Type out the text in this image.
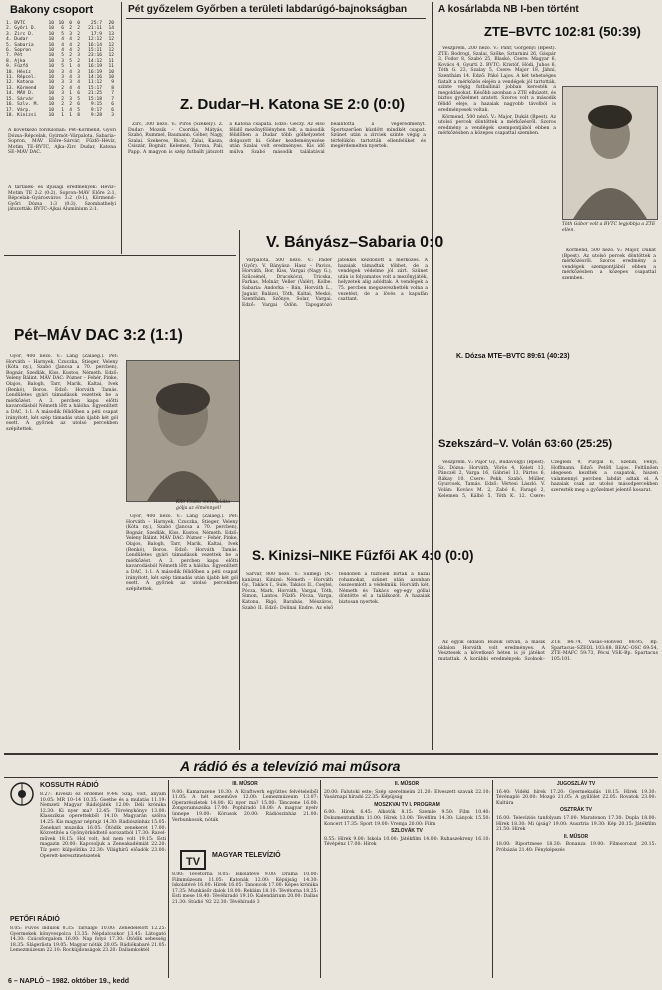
Bakony csoport
1. BVTC	10 10	0	0	25:7	20
2. Győri D.	10	6	2	2	21:11	14
3. Zirc D.	10	5	3	2	17:9	13
4. Dudar	10	4	4	2	12:12	12
5. Sabaria	10	4	4	2	16:14	12
6. Sopron	10	4	4	2	15:11	12
7. Pét	10	5	2	3	23:16	12
8. Ajka	10	3	5	2	14:12	11
9. Fűzfő	10	5	1	4	16:19	11
10. Hévíz	10	3	4	3	16:19	10
11. Répcel.	10	3	4	3	14:16	10
12. Katona	10	3	3	4	11:12	9
13. Körmend	10	2	4	4	15:17	8
14. MÁV D.	10	3	1	6	21:25	7
15. Sárvár	10	2	3	5	15:18	7
16. Szlv. M.	10	2	2	6	9:15	6
17. Várp.	10	1	4	5	9:17	6
18. Kinizsi	10	1	1	8	9:28	3
A következő fordulóban: Pét–Körmend, Győri Dózsa–Répcelak, Gyirmót–Várpalota, Sabaria–Sopron, MÁV Előre–Sárvár, Fűzfő–Hévíz, Motim TE–BVTC, Ajka–Zirc Dudar, Katona SE–MÁV DAC.
A tartalék- és ifjúsági eredmények: Hévíz–Motim TE 2:2 (0:2), Sopron–MÁV Előre 2:1, Répcelak–Gyárosváros 3:2 (0:1), Körmend–Győri Dózsa 1:3 (0:3). Szombathelyi játszották: BVTC–Ajkai Alumínium 2:1.
Pét győzelem Győrben a területi labdarúgó-bajnokságban	A kosárlabda NB I-ben történt
Z. Dudar–H. Katona SE 2:0 (0:0)

Zirc, 300 néző. V.: Piros (Székely). Z. Dudar: Mozsik – Csordás, Mátyás, Szabó, Rummel, Baumann, Góher, Nagy, Szalai. Szekeres, Bicsó, Zalai, Kasza, Csiszár, Bognár, Kelemen, Torzsa, Pali, Papp. A magyon is szép futballt játszott a Katona csapata. Edző: Géczy. Az első félidő mezőnyfölényben telt, a második félidőben a Dudar több gólhelyzetet dolgozott ki. Góher kezdeményezése után Szalai volt eredményes. Kis idő múlva Szabó második találatával beállította a végeredményt. Sportszerűen küzdött mindkét csapat. Szünet után a zirciek szinte végig a térfelükön tartották ellenfelüket és megérdemelten nyertek.

V. Bányász–Sabaria 0:0

Várpalota, 500 néző. V.: Páder (Győr). V. Bányász: Hasz – Pavics, Horváth, Bor, Kiss, Vargai (Nagy G.), Szűcsénél, Drucskóczi, Tricska, Farkas, Molnár, Veller (Valér), Kolbe. Sabaria: Andorka – Bán, Horváth L., Jaguár, Balázsi, Tóth, Kaltai, Meskó, Szenthám, Szőnye, Solar, Vargai. Edző: Vargai Ödön. Tapogatózó játékkel kezdődött a mérkőzés. A hazaiak támadtak többet, de a vendégek védelme jól zárt. Szünet után is folyamatos volt a mezőnyjáték, helyzetek alig adódtak. A vendégek a 75. percben megszerezhették volna a vezetést, de a lövés a kapufán csattant.

Pét–MÁV DAC 3:2 (1:1)

Győr, 400 néző. V.: Láng (Zalaeg.). Pét: Horváth – Harnyek, Czuczka, Stieger, Veleny (Kóta ny.), Szabó (Jancsa a 70. percben), Bognár, Szedlák, Kiss, Kustos, Németh. Edző: Veleny Bálint. MÁV DAC: Pózner – Fehér, Pinke, Olajos, Balogh, Tarr, Marik, Kaltai, Ivek (Benkó), Boros. Edző: Horváth Tamás. Lendületes gyári támadások vezettek be a mérkőzést. A 3. percben kapu előtti kavarodásból Németh lőtt a hálóba. Egyenlített a DAC, 1:1. A második félidőben a péti csapat irányított, két szép támadás után újabb két gól esett. A győriek az utolsó percekben szépítettek.

Kilo Czaba mézesalálta gólja az élménnyel!

Győr, 400 néző. V.: Láng (Zalaeg.). Pét: Horváth – Harnyek, Czuczka, Stieger, Veleny (Kóta ny.), Szabó (Jancsa a 70. percben), Bognár, Szedlák, Kiss, Kustos, Németh. Edző: Veleny Bálint. MÁV DAC: Pózner – Fehér, Pinke, Olajos, Balogh, Tarr, Marik, Kaltai, Ivek (Benkó), Boros. Edző: Horváth Tamás. Lendületes gyári támadások vezettek be a mérkőzést. A 3. percben kapu előtti kavarodásból Németh lőtt a hálóba. Egyenlített a DAC, 1:1. A második félidőben a péti csapat irányított, két szép támadás után újabb két gól esett. A győriek az utolsó percekben szépítettek.

S. Kinizsi–NIKE Fűzfői AK 4:0 (0:0)

Sárvár, 800 néző. V.: Sümegi (N.-kanizsa). Kinizsi: Németh – Horváth Gy., Takács I., Sule, Takács II., Csejtei, Pócza, Mark, Horváth, Vargai, Tóth, Simon, Lantos. Fűzfő: Pócza, Varga, Katona, Rigó, Barabás, Mészáros, Szabó II. Edző: Dolinai Endre. Az első félidőben a fűzfőiek bírták a hazai rohamokat, szünet után azonban összeomlott a védelmük. Horváth két, Németh és Takács egy-egy góllal döntötte el a találkozót. A hazaiak biztosan nyertek.

ZTE–BVTC 102:81 (50:39)

Veszprém, 200 néző. V.: Pahr, Görgényi (Bpest). ZTE: Bodrogi, Szalai, Szőke, Sztarnini 26, Gáspár 3, Fodor 8, Szabó 25, Blaskó, Csere: Magyar 6, Kovács 4, Gyurti 2. BVTC: Kristóf, Hódi, Juhos 6, Tóth G. 23, Szalay 5, Csere: Major 18, Jáhni, Szenthám 14. Edző: Pákó Lajos. A két tehetséges fiatalt a mérkőzés elején a vendégek jól tartották, szinte végig futballinál jobban keresték a megoldásokat. Később azonban a ZTE elhúzott, és biztos győzelmet aratott. Szoros volt a második félidő eleje, a hazaiak nagyobb távolból is eredményesek voltak.

Körmend, 500 néző. V.: Major, Dukát (Bpest). Az utolsó percek döntöttek a mérkőzésről. Szoros eredmény a vendégek szempontjából ebben a mérkőzésben a közepes csapattal szemben.

Tóth Gábor volt a BVTC legjobbja a ZTE ellen.

Körmend, 500 néző. V.: Major, Dukát (Bpest). Az utolsó percek döntöttek a mérkőzésről. Szoros eredmény a vendégek szempontjából ebben a mérkőzésben a közepes csapattal szemben.

K. Dózsa MTE–BVTC 89:61 (40:23)
Szekszárd–V. Volán 63:60 (25:25)

Veszprém. V.: Pajor Gy., Budavölgyi (Bpest). Sz. Dózsa: Horváth, Vörös 4, Keleti 13, Pánczél 2, Varga 16, Gábriel 13, Pártos 6, Rákay 10. Csere: Pekk, Szabó, Müller, Gyurcsek, Tamás. Edző: Vértesi László. V. Volán: Kovács M. 2, Zabó 6, Faragó 2, Kelemen 5, Kálbó 5, Töth K. 12. Csere: Czeglédi 9, Purgal 6, Szendi, Fényi, Hoffmann. Edző: Petőfi Lajos. Feltűnően idegesen kezdtek a csapatok, hiszen valamennyi percben labdát adtak el. A hazaiak csak az utolsó másodpercekben szerezték meg a győzelmet jelentő kosarat.

Az egyik oldalon Bozsik István, a másik oldalon Horváth volt eredményes. A Vesztesek a következő héten is jó játékot mutattak. A korábbi eredmények: Szolnok–ZTE 84:74, Vasas–Honvéd 88:95, Bp. Spartacus–SZEOL 103:88. BEAC–OSC 69:54, ZTE–MAFC 59:73, Pécsi VSK–Bp. Spartacus 105:101.

A rádió és a televízió mai műsora
KOSSUTH RÁDIÓ
8.27: Kiveszi ez érdemel 9.44: Száj. volt, anyam 10.05: MR 10–14 10.35: Goethe és a mulatás 11.19: Nemzeti Magyar Rádiójáték 12.00: Déli krónika 12.30: Ki nyer ma? 12.45: Törvénykönyv 13.00: Klasszikus operettekből 14.10: Magyarán szólva 14.25: Kis magyar néprajz 14.30: Rádiószínház 15.05: Zenekari muzsika 16.05: Ötödik zenekeret 17.00: Közvetítés a Gyönyörködtető sorozatból 17.30: Ravel-művek 18.15: Hol volt, hol nem volt 19.15: Esti magazin 20.00: Kapcsoljuk a Zeneakadémiát 22.20: Tíz perc külpolitika 22.30: Világhírű előadók 23.00: Operett-keresztmetszetek
PETŐFI RÁDIÓ
8.05: Fúvós indulók 8.35: Társalgó 10.00: Zenedélelőtt 12.25: Gyermekek könyvespolca 13.35: Népdalcsokor 13.45: Látogató 14.30: Csúcsforgalom 16.00: Nap folyó 17.30: Ötödik sebesség 18.35: Slágerlista 19.05: Magyar nóták 20.05: Rádiókabaré 21.05: Lemezmúzeum 22.10: Rockújdonságok 23.20: Dallamkoktél
III. MŰSOR
9.00: Kamarazene 10.30: A Kraftwerk együttes felvételeiből 11.05: A hét zeneműve 12.00: Lemezmúzeum 13.07: Operarészletek 14.00: Ki nyer ma? 15.00: Tánczene 16.00: Zongoramuzsika 17.00: Pophíradó 18.00: A magyar nyelv ünnepe 19.00: Kórusok 20.00: Rádiószínház 21.00: Verbunkosok, nóták
TV
MAGYAR TELEVÍZIÓ
8.00: Tévétorna 8.05: Iskolatévé 9.00: Dráma 10.00: Filmmúzeum 11.05: Katonák 12.00: Képújság 14.30: Iskolatévé 16.00: Hírek 16.05: Tanoncok 17.00: Képes krónika 17.35: Munkásőr dalok 18.00: Reklám 18.10: Tévétorna 18.25: Esti mese 18.40: Tévéhíradó 19.10: Kalendárium 20.00: Dallas 21.30: Stúdió '82 22.30: Tévéhíradó 3
II. MŰSOR
20.00: Falutoki este; Szép szerelmeim 21.20: Elveszett szavak 22.10: Vasárnapi híradó 22.35: Képújság
MOSZKVAI TV I. PROGRAM
6.00: Hírek 6.45: Alkotók 8.15: Szemle 9.50: Film 10.40: Dokumentumfilm 11.00: Hírek 13.00: Tévéfilm 14.30: Lányok 15.50: Koncert 17.35: Sport 19.00: Vremja 20.00: Film
SZLOVÁK TV
8.55: Hírek 9.00: Iskola 10.00: Játékfilm 14.00: Ruhaszekreny 16.10: Tévépénz 17.00: Hírek
JUGOSZLÁV TV
16.40: Vidéki hírek 17.20: Gyermekadás 18.15: Hírek 19.30: Tévénapló 20.00: Mozgó 21.05: A gyűlölet 22.05: Rovatok 23.00: Kultúra
OSZTRÁK TV
16.00: Televíziós tanfolyam 17.00: Maratonon 17.30: Dupla 18.00: Hírek 18.30: Mi újság? 19.00: Ausztria 19.30: Kép 20.15: Játékfilm 21.50: Hírek
II. MŰSOR
18.00: Riportmese 18.30: Bonanza 19.00: Filmsorozat 20.15: Próbázás 21.40: Fényképezés
6 – NAPLÓ – 1982. október 19., kedd
